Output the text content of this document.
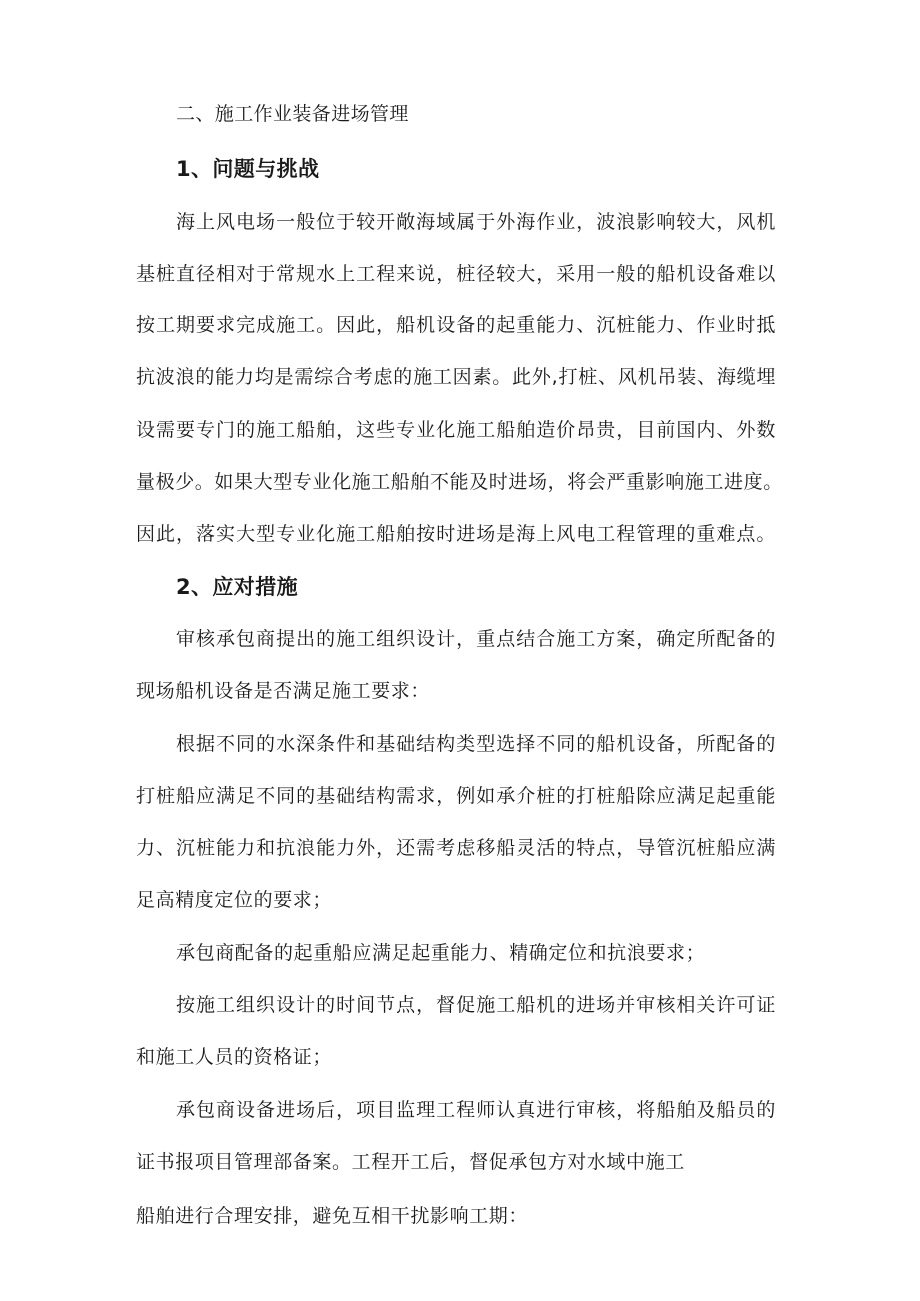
二、施工作业装备进场管理
1、问题与挑战
海上风电场一般位于较开敞海域属于外海作业，波浪影响较大，风机
基桩直径相对于常规水上工程来说，桩径较大，采用一般的船机设备难以
按工期要求完成施工。因此，船机设备的起重能力、沉桩能力、作业时抵
抗波浪的能力均是需综合考虑的施工因素。此外,打桩、风机吊装、海缆埋
设需要专门的施工船舶，这些专业化施工船舶造价昂贵，目前国内、外数
量极少。如果大型专业化施工船舶不能及时进场，将会严重影响施工进度。
因此，落实大型专业化施工船舶按时进场是海上风电工程管理的重难点。
2、应对措施
审核承包商提出的施工组织设计，重点结合施工方案，确定所配备的
现场船机设备是否满足施工要求：
根据不同的水深条件和基础结构类型选择不同的船机设备，所配备的
打桩船应满足不同的基础结构需求，例如承介桩的打桩船除应满足起重能
力、沉桩能力和抗浪能力外，还需考虑移船灵活的特点，导管沉桩船应满
足高精度定位的要求；
承包商配备的起重船应满足起重能力、精确定位和抗浪要求；
按施工组织设计的时间节点，督促施工船机的进场并审核相关许可证
和施工人员的资格证；
承包商设备进场后，项目监理工程师认真进行审核，将船舶及船员的
证书报项目管理部备案。工程开工后，督促承包方对水域中施工
船舶进行合理安排，避免互相干扰影响工期：
